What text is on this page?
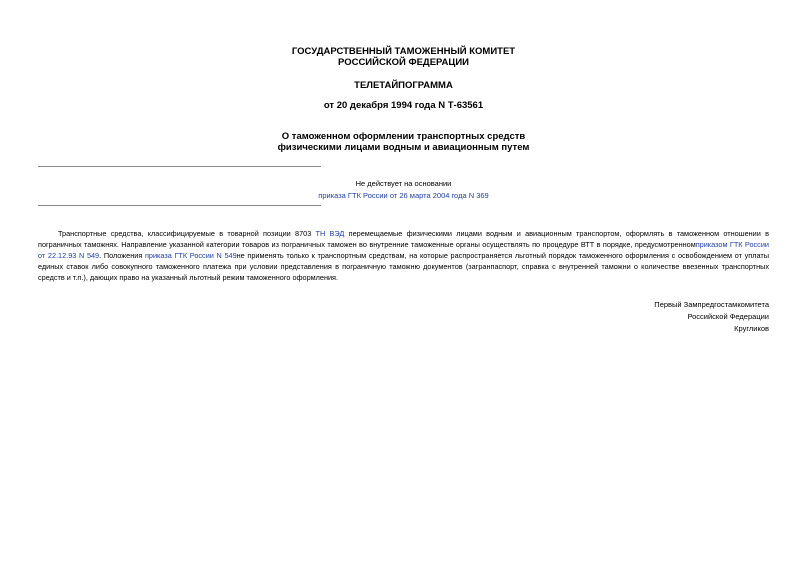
ГОСУДАРСТВЕННЫЙ ТАМОЖЕННЫЙ КОМИТЕТ
РОССИЙСКОЙ ФЕДЕРАЦИИ
ТЕЛЕТАЙПОГРАММА
от 20 декабря 1994 года N Т-63561
О таможенном оформлении транспортных средств
физическими лицами водным и авиационным путем
Не действует на основании
приказа ГТК России от 26 марта 2004 года N 369

Транспортные средства, классифицируемые в товарной позиции 8703 ТН ВЭД перемещаемые физическими лицами водным и авиационным транспортом, оформлять в таможенном отношении в пограничных таможнях. Направление указанной категории товаров из пограничных таможен во внутренние таможенные органы осуществлять по процедуре ВТТ в порядке, предусмотренномприказом ГТК России от 22.12.93 N 549. Положения приказа ГТК России N 549не применять только к транспортным средствам, на которые распространяется льготный порядок таможенного оформления с освобождением от уплаты единых ставок либо совокупного таможенного платежа при условии представления в пограничную таможню документов (загранпаспорт, справка с внутренней таможни о количестве ввезенных транспортных средств и т.п.), дающих право на указанный льготный режим таможенного оформления.

Первый Зампредгостамкомитета
Российской Федерации
Кругликов
